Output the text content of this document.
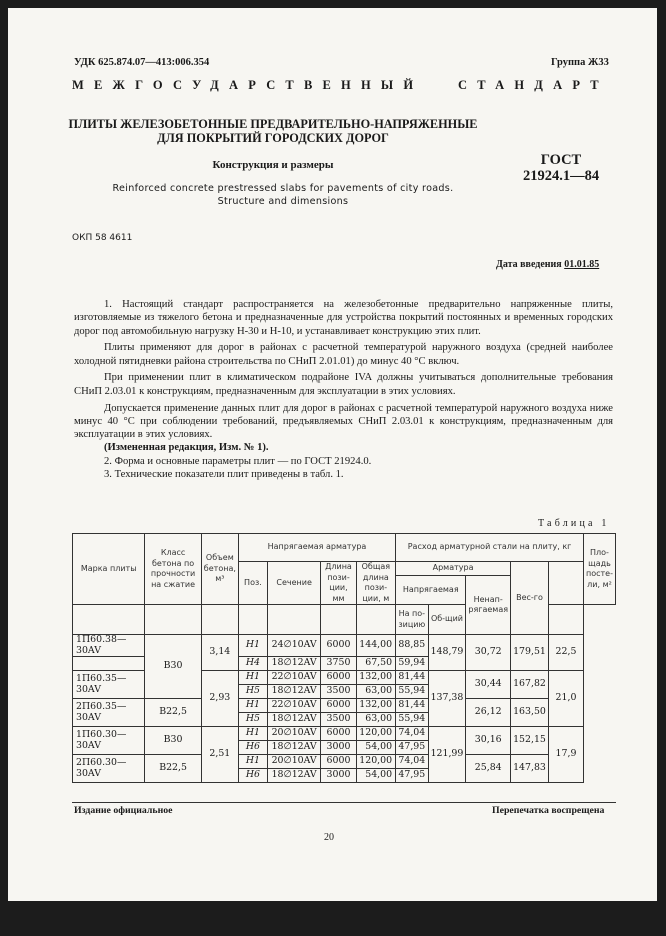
УДК 625.874.07—413:006.354	Группа Ж33
МЕЖГОСУДАРСТВЕННЫЙ	СТАНДАРТ
ПЛИТЫ ЖЕЛЕЗОБЕТОННЫЕ ПРЕДВАРИТЕЛЬНО-НАПРЯЖЕННЫЕ
ДЛЯ ПОКРЫТИЙ ГОРОДСКИХ ДОРОГ
ГОСТ
21924.1—84
Конструкция и размеры
Reinforced concrete prestressed slabs for pavements of city roads.
Structure and dimensions
ОКП 58 4611
Дата введения 01.01.85

1. Настоящий стандарт распространяется на железобетонные предварительно напряженные плиты, изготовляемые из тяжелого бетона и предназначенные для устройства покрытий постоянных и временных городских дорог под автомобильную нагрузку Н-30 и Н-10, и устанавливает конструкцию этих плит.

Плиты применяют для дорог в районах с расчетной температурой наружного воздуха (средней наиболее холодной пятидневки района строительства по СНиП 2.01.01) до минус 40 °С включ.

При применении плит в климатическом подрайоне IVA должны учитываться дополнительные требования СНиП 2.03.01 к конструкциям, предназначенным для эксплуатации в этих условиях.

Допускается применение данных плит для дорог в районах с расчетной температурой наружного воздуха ниже минус 40 °С при соблюдении требований, предъявляемых СНиП 2.03.01 к конструкциям, предназначенным для эксплуатации в этих условиях.

(Измененная редакция, Изм. № 1).

2. Форма и основные параметры плит — по ГОСТ 21924.0.

3. Технические показатели плит приведены в табл. 1.

Таблица 1
Марка плиты	Класс бетона по прочности на сжатие	Объем бетона, м³	Напрягаемая арматура				Расход арматурной стали на плиту, кг					Пло-щадь посте-ли, м²
			Поз.	Сечение	Длина пози-ции, мм	Общая длина пози-ции, м	Арматура			Вес-го	
							Напрягаемая		Ненап-рягаемая			
							На по-зицию	Об-щий				
1П60.38—30AV	B30	3,14	H1	24∅10AV	6000	144,00	88,85	148,79	30,72	179,51	22,5	
			H4	18∅12AV	3750	67,50	59,94					
1П60.35—30AV		2,93	H1	22∅10AV	6000	132,00	81,44	137,38	30,44	167,82	21,0	
			H5	18∅12AV	3500	63,00	55,94					
2П60.35—30AV	B22,5		H1	22∅10AV	6000	132,00	81,44		26,12	163,50		
			H5	18∅12AV	3500	63,00	55,94					
1П60.30—30AV	B30	2,51	H1	20∅10AV	6000	120,00	74,04	121,99	30,16	152,15	17,9	
			H6	18∅12AV	3000	54,00	47,95					
2П60.30—30AV	B22,5		H1	20∅10AV	6000	120,00	74,04		25,84	147,83		
			H6	18∅12AV	3000	54,00	47,95					
Издание официальное	Перепечатка воспрещена
20
